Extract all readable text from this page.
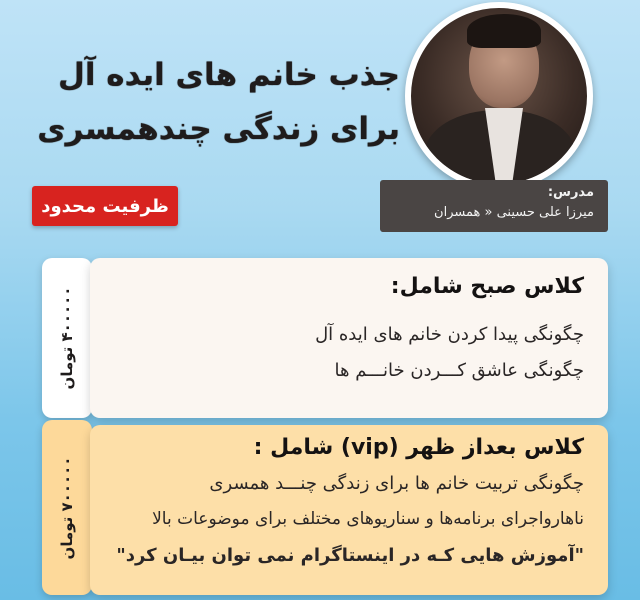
جذب خانم های ایده آل
برای زندگی چندهمسری
ظرفیت محدود
مدرس:
میرزا علی حسینی « همسران
۴۰۰۰۰۰ تومان
کلاس صبح شامل:
چگونگی پیدا کردن خانم های ایده آل
چگونگی عاشق کـــردن خانـــم ها
۷۰۰۰۰۰ تومان
کلاس بعداز ظهر (vip) شامل :
چگونگی تربیت خانم ها برای زندگی چنـــد همسری
ناهارواجرای برنامه‌ها و سناریوهای مختلف برای موضوعات بالا
"آموزش هایی کـه در اینستاگرام نمی توان بیـان کرد"
